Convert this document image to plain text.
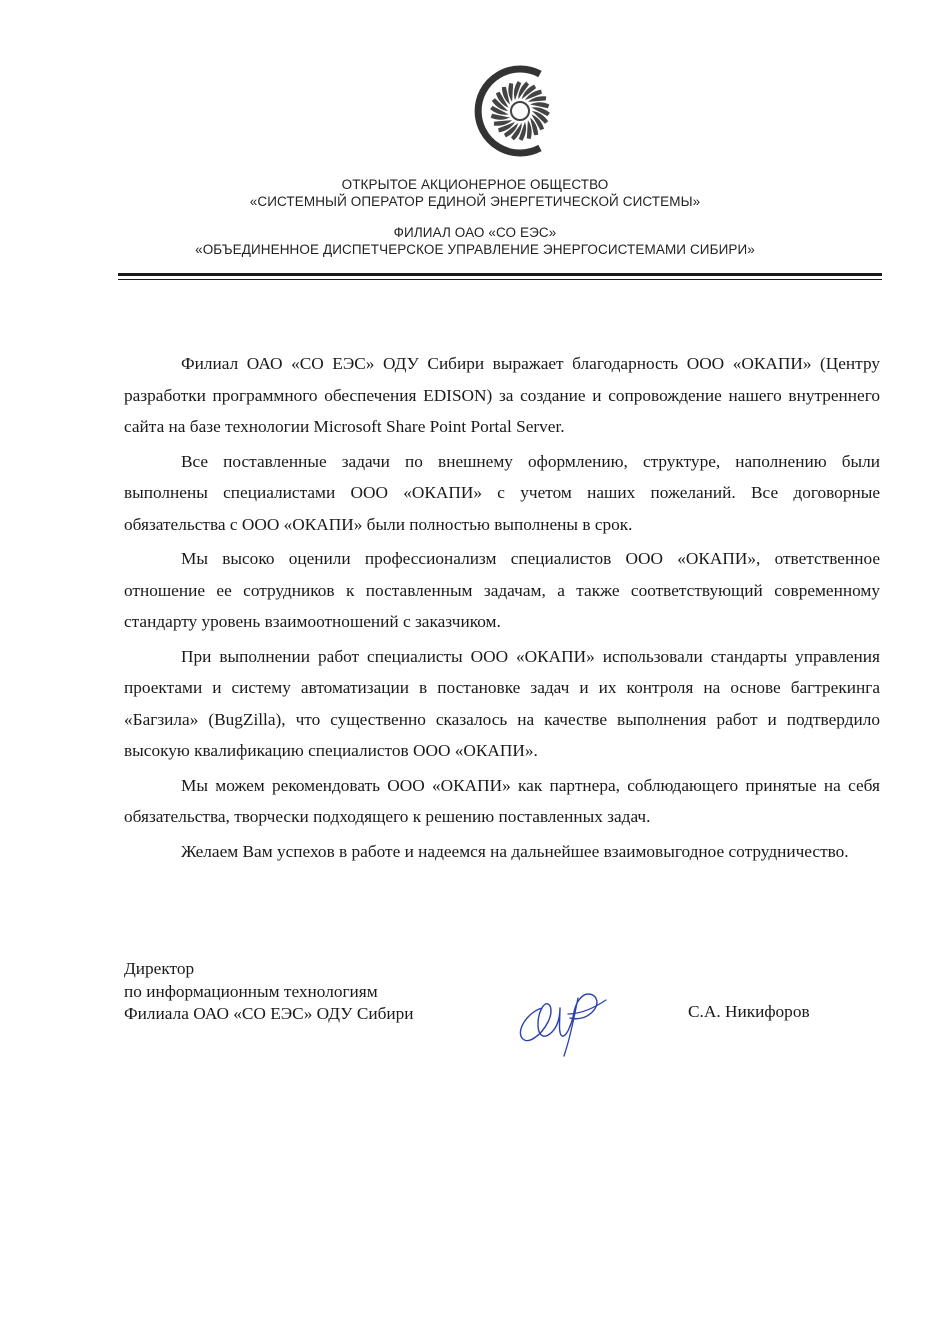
ОТКРЫТОЕ АКЦИОНЕРНОЕ ОБЩЕСТВО
«СИСТЕМНЫЙ ОПЕРАТОР ЕДИНОЙ ЭНЕРГЕТИЧЕСКОЙ СИСТЕМЫ»
ФИЛИАЛ ОАО «СО ЕЭС»
«ОБЪЕДИНЕННОЕ ДИСПЕТЧЕРСКОЕ УПРАВЛЕНИЕ ЭНЕРГОСИСТЕМАМИ СИБИРИ»

Филиал ОАО «СО ЕЭС» ОДУ Сибири выражает благодарность ООО «ОКАПИ» (Центру разработки программного обеспечения EDISON) за создание и сопровождение нашего внутреннего сайта на базе технологии Microsoft Share Point Portal Server.

Все поставленные задачи по внешнему оформлению, структуре, наполнению были выполнены специалистами ООО «ОКАПИ» с учетом наших пожеланий. Все договорные обязательства с ООО «ОКАПИ» были полностью выполнены в срок.

Мы высоко оценили профессионализм специалистов ООО «ОКАПИ», ответственное отношение ее сотрудников к поставленным задачам, а также соответствующий современному стандарту уровень взаимоотношений с заказчиком.

При выполнении работ специалисты ООО «ОКАПИ» использовали стандарты управления проектами и систему автоматизации в постановке задач и их контроля на основе багтрекинга «Багзила» (BugZilla), что существенно сказалось на качестве выполнения работ и подтвердило высокую квалификацию специалистов ООО «ОКАПИ».

Мы можем рекомендовать ООО «ОКАПИ» как партнера, соблюдающего принятые на себя обязательства, творчески подходящего к решению поставленных задач.

Желаем Вам успехов в работе и надеемся на дальнейшее взаимовыгодное сотрудничество.

Директор
по информационным технологиям
Филиала ОАО «СО ЕЭС» ОДУ Сибири	С.А. Никифоров
